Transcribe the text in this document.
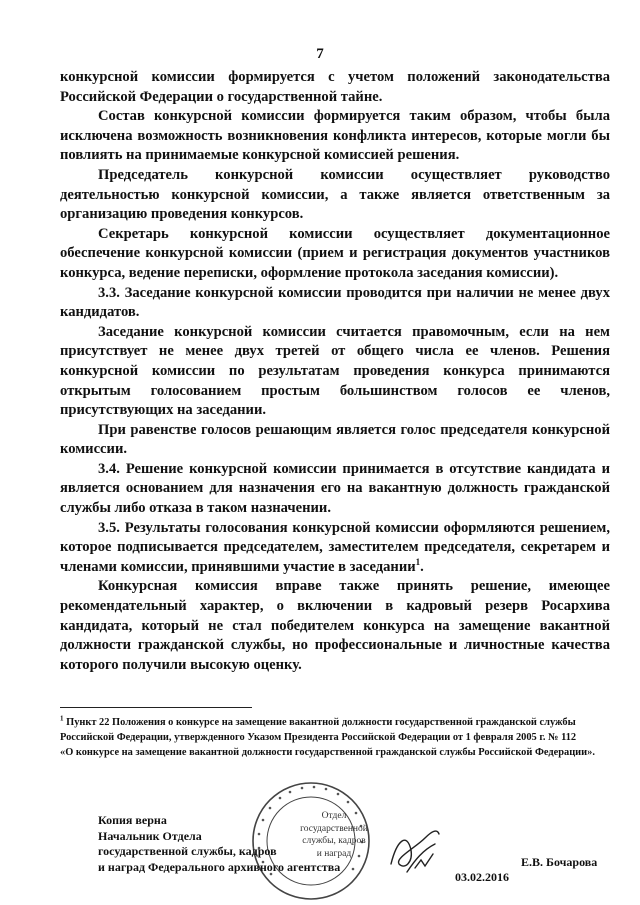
7

конкурсной комиссии формируется с учетом положений законодательства Российской Федерации о государственной тайне.

Состав конкурсной комиссии формируется таким образом, чтобы была исключена возможность возникновения конфликта интересов, которые могли бы повлиять на принимаемые конкурсной комиссией решения.

Председатель конкурсной комиссии осуществляет руководство деятельностью конкурсной комиссии, а также является ответственным за организацию проведения конкурсов.

Секретарь конкурсной комиссии осуществляет документационное обеспечение конкурсной комиссии (прием и регистрация документов участников конкурса, ведение переписки, оформление протокола заседания комиссии).

3.3. Заседание конкурсной комиссии проводится при наличии не менее двух кандидатов.

Заседание конкурсной комиссии считается правомочным, если на нем присутствует не менее двух третей от общего числа ее членов. Решения конкурсной комиссии по результатам проведения конкурса принимаются открытым голосованием простым большинством голосов ее членов, присутствующих на заседании.

При равенстве голосов решающим является голос председателя конкурсной комиссии.

3.4. Решение конкурсной комиссии принимается в отсутствие кандидата и является основанием для назначения его на вакантную должность гражданской службы либо отказа в таком назначении.

3.5. Результаты голосования конкурсной комиссии оформляются решением, которое подписывается председателем, заместителем председателя, секретарем и членами комиссии, принявшими участие в заседании$^1$.

Конкурсная комиссия вправе также принять решение, имеющее рекомендательный характер, о включении в кадровый резерв Росархива кандидата, который не стал победителем конкурса на замещение вакантной должности гражданской службы, но профессиональные и личностные качества которого получили высокую оценку.

$^1$ Пункт 22 Положения о конкурсе на замещение вакантной должности государственной гражданской службы
Российской Федерации, утвержденного Указом Президента Российской Федерации от 1 февраля 2005 г. № 112
«О конкурсе на замещение вакантной должности государственной гражданской службы Российской Федерации».
Отдел
государственной
службы, кадров
и наград
Копия верна
Начальник Отдела
государственной службы, кадров
и наград Федерального архивного агентства	Е.В. Бочарова
03.02.2016
